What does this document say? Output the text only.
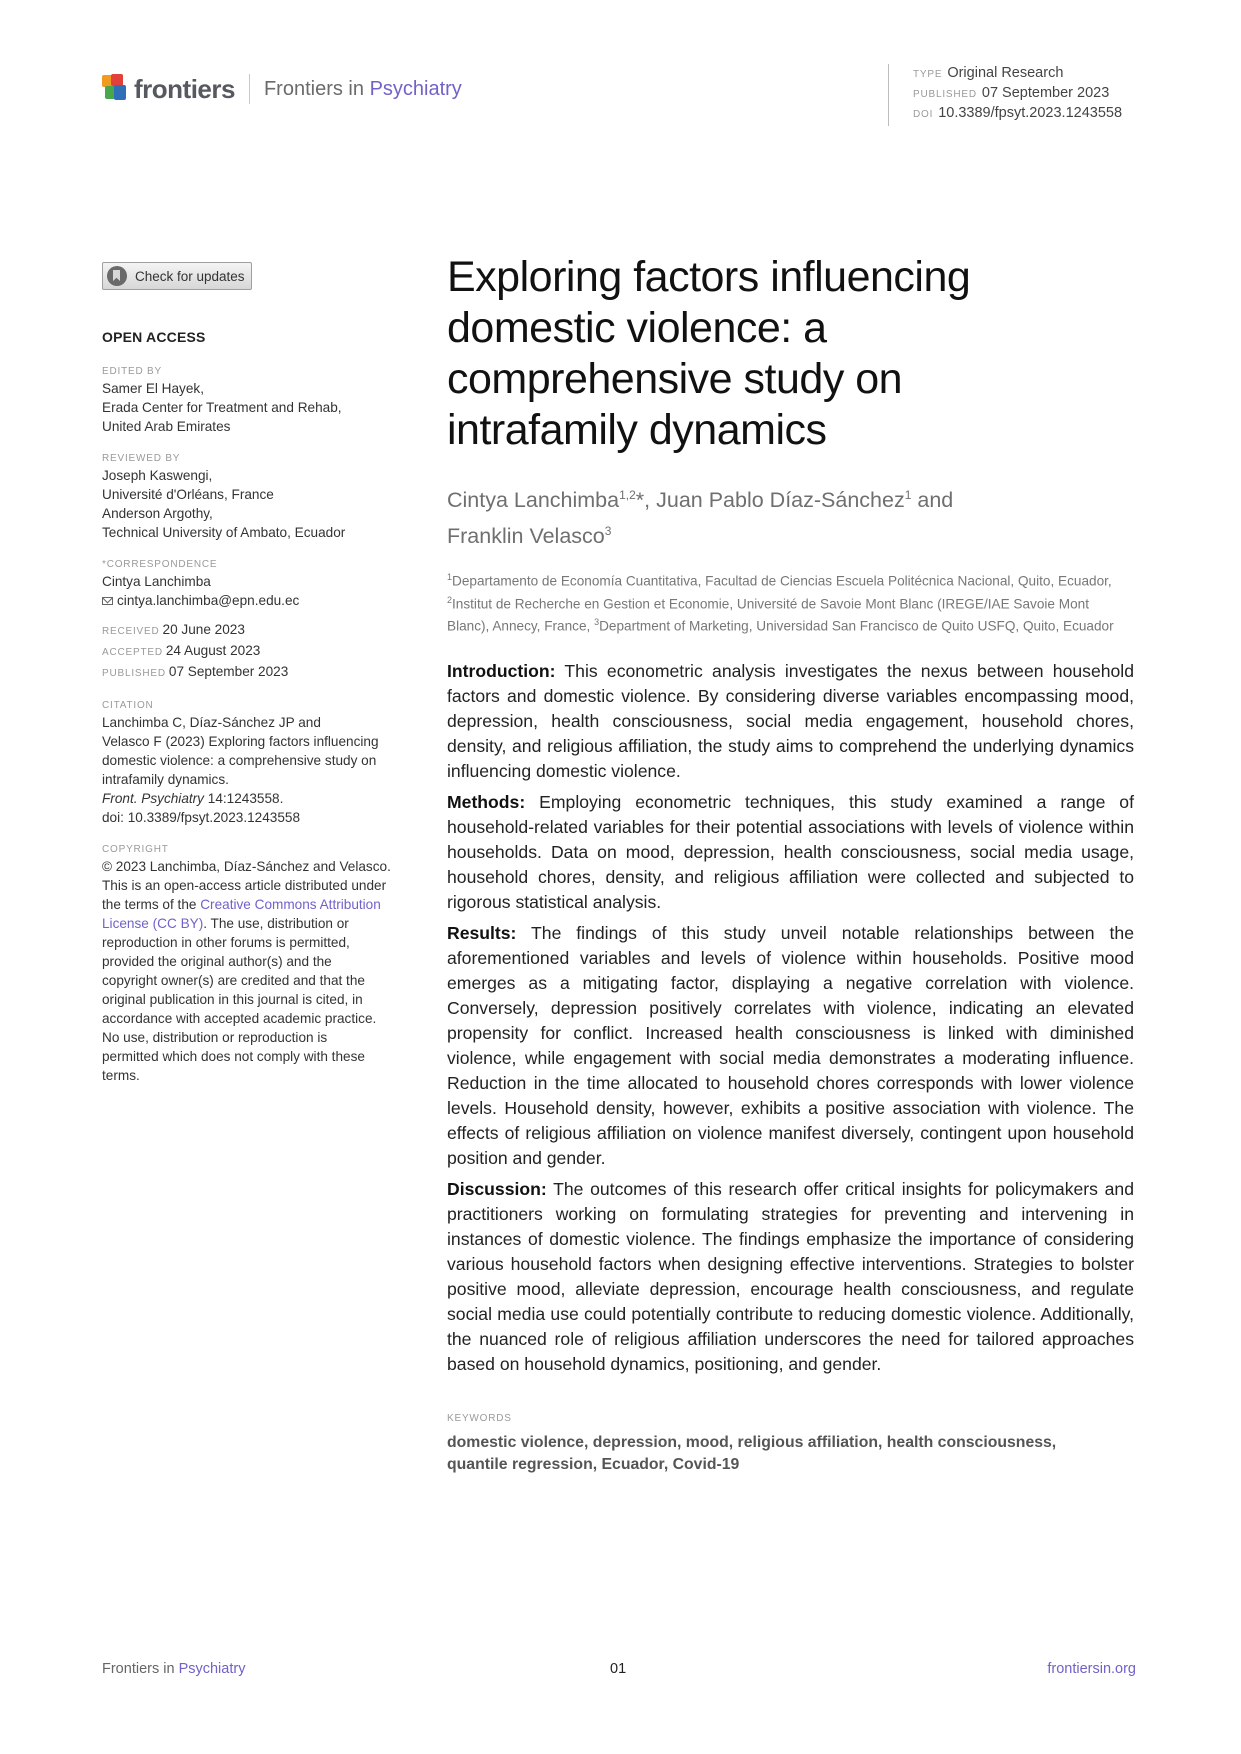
frontiers Frontiers in Psychiatry
TYPE Original Research
PUBLISHED 07 September 2023
DOI 10.3389/fpsyt.2023.1243558
Check for updates
OPEN ACCESS
EDITED BY
Samer El Hayek,
Erada Center for Treatment and Rehab,
United Arab Emirates
REVIEWED BY
Joseph Kaswengi,
Université d'Orléans, France
Anderson Argothy,
Technical University of Ambato, Ecuador
*CORRESPONDENCE
Cintya Lanchimba
cintya.lanchimba@epn.edu.ec
RECEIVED 20 June 2023
ACCEPTED 24 August 2023
PUBLISHED 07 September 2023
CITATION
Lanchimba C, Díaz-Sánchez JP and
Velasco F (2023) Exploring factors influencing
domestic violence: a comprehensive study on
intrafamily dynamics.
Front. Psychiatry 14:1243558.
doi: 10.3389/fpsyt.2023.1243558
COPYRIGHT
© 2023 Lanchimba, Díaz-Sánchez and Velasco.
This is an open-access article distributed under
the terms of the Creative Commons Attribution
License (CC BY). The use, distribution or
reproduction in other forums is permitted,
provided the original author(s) and the
copyright owner(s) are credited and that the
original publication in this journal is cited, in
accordance with accepted academic practice.
No use, distribution or reproduction is
permitted which does not comply with these
terms.
Exploring factors influencing
domestic violence: a
comprehensive study on
intrafamily dynamics
Cintya Lanchimba$^{1,2}$*, Juan Pablo Díaz-Sánchez$^1$ and
Franklin Velasco$^3$
$^1$Departamento de Economía Cuantitativa, Facultad de Ciencias Escuela Politécnica Nacional, Quito, Ecuador, $^2$Institut de Recherche en Gestion et Economie, Université de Savoie Mont Blanc (IREGE/IAE Savoie Mont Blanc), Annecy, France, $^3$Department of Marketing, Universidad San Francisco de Quito USFQ, Quito, Ecuador

Introduction: This econometric analysis investigates the nexus between household factors and domestic violence. By considering diverse variables encompassing mood, depression, health consciousness, social media engagement, household chores, density, and religious affiliation, the study aims to comprehend the underlying dynamics influencing domestic violence.

Methods: Employing econometric techniques, this study examined a range of household-related variables for their potential associations with levels of violence within households. Data on mood, depression, health consciousness, social media usage, household chores, density, and religious affiliation were collected and subjected to rigorous statistical analysis.

Results: The findings of this study unveil notable relationships between the aforementioned variables and levels of violence within households. Positive mood emerges as a mitigating factor, displaying a negative correlation with violence. Conversely, depression positively correlates with violence, indicating an elevated propensity for conflict. Increased health consciousness is linked with diminished violence, while engagement with social media demonstrates a moderating influence. Reduction in the time allocated to household chores corresponds with lower violence levels. Household density, however, exhibits a positive association with violence. The effects of religious affiliation on violence manifest diversely, contingent upon household position and gender.

Discussion: The outcomes of this research offer critical insights for policymakers and practitioners working on formulating strategies for preventing and intervening in instances of domestic violence. The findings emphasize the importance of considering various household factors when designing effective interventions. Strategies to bolster positive mood, alleviate depression, encourage health consciousness, and regulate social media use could potentially contribute to reducing domestic violence. Additionally, the nuanced role of religious affiliation underscores the need for tailored approaches based on household dynamics, positioning, and gender.

KEYWORDS
domestic violence, depression, mood, religious affiliation, health consciousness,
quantile regression, Ecuador, Covid-19
Frontiers in Psychiatry	01	frontiersin.org
